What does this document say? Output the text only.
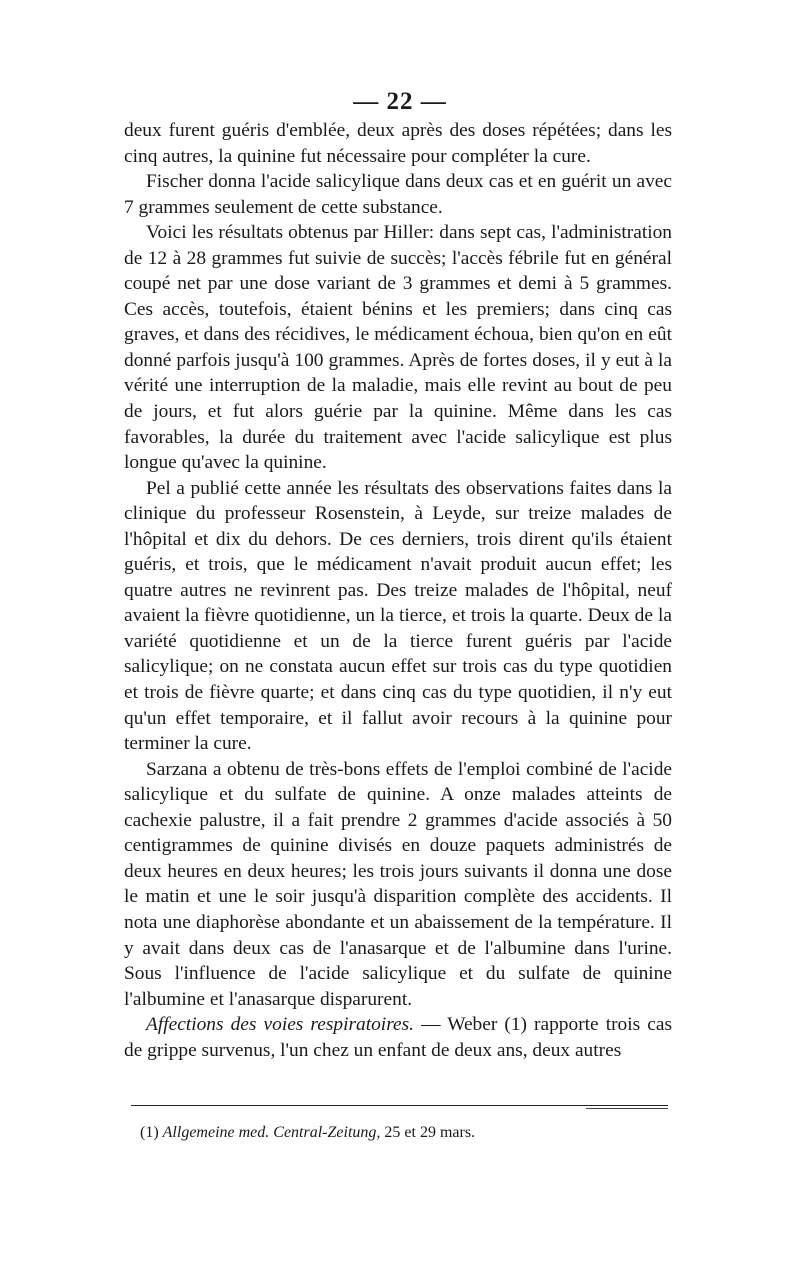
— 22 —

deux furent guéris d'emblée, deux après des doses répétées; dans les cinq autres, la quinine fut nécessaire pour compléter la cure.

Fischer donna l'acide salicylique dans deux cas et en guérit un avec 7 grammes seulement de cette substance.

Voici les résultats obtenus par Hiller: dans sept cas, l'administration de 12 à 28 grammes fut suivie de succès; l'accès fébrile fut en général coupé net par une dose variant de 3 grammes et demi à 5 grammes. Ces accès, toutefois, étaient bénins et les premiers; dans cinq cas graves, et dans des récidives, le médicament échoua, bien qu'on en eût donné parfois jusqu'à 100 grammes. Après de fortes doses, il y eut à la vérité une interruption de la maladie, mais elle revint au bout de peu de jours, et fut alors guérie par la quinine. Même dans les cas favorables, la durée du traitement avec l'acide salicylique est plus longue qu'avec la quinine.

Pel a publié cette année les résultats des observations faites dans la clinique du professeur Rosenstein, à Leyde, sur treize malades de l'hôpital et dix du dehors. De ces derniers, trois dirent qu'ils étaient guéris, et trois, que le médicament n'avait produit aucun effet; les quatre autres ne revinrent pas. Des treize malades de l'hôpital, neuf avaient la fièvre quotidienne, un la tierce, et trois la quarte. Deux de la variété quotidienne et un de la tierce furent guéris par l'acide salicylique; on ne constata aucun effet sur trois cas du type quotidien et trois de fièvre quarte; et dans cinq cas du type quotidien, il n'y eut qu'un effet temporaire, et il fallut avoir recours à la quinine pour terminer la cure.

Sarzana a obtenu de très-bons effets de l'emploi combiné de l'acide salicylique et du sulfate de quinine. A onze malades atteints de cachexie palustre, il a fait prendre 2 grammes d'acide associés à 50 centigrammes de quinine divisés en douze paquets administrés de deux heures en deux heures; les trois jours suivants il donna une dose le matin et une le soir jusqu'à disparition complète des accidents. Il nota une diaphorèse abondante et un abaissement de la température. Il y avait dans deux cas de l'anasarque et de l'albumine dans l'urine. Sous l'influence de l'acide salicylique et du sulfate de quinine l'albumine et l'anasarque disparurent.

Affections des voies respiratoires. — Weber (1) rapporte trois cas de grippe survenus, l'un chez un enfant de deux ans, deux autres

(1) Allgemeine med. Central-Zeitung, 25 et 29 mars.
